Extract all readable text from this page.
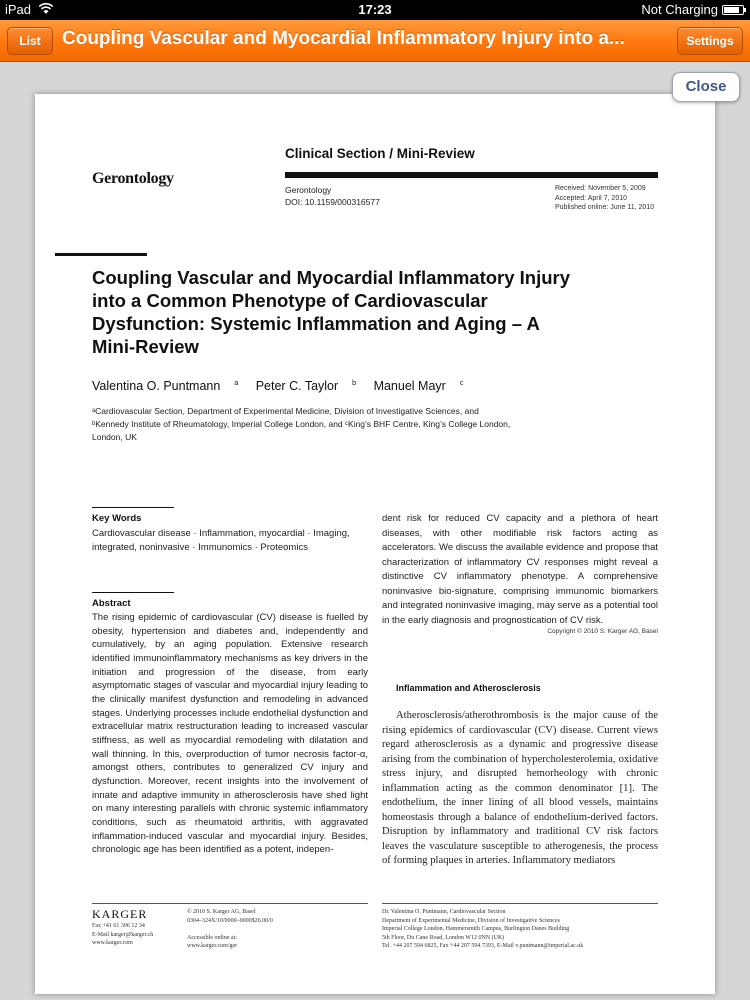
iPad	17:23	Not Charging
List	Coupling Vascular and Myocardial Inflammatory Injury into a...	Settings
Gerontology
Clinical Section / Mini-Review
Gerontology
DOI: 10.1159/000316577
Received: November 5, 2009
Accepted: April 7, 2010
Published online: June 11, 2010
Coupling Vascular and Myocardial Inflammatory Injury into a Common Phenotype of Cardiovascular Dysfunction: Systemic Inflammation and Aging – A Mini-Review
Valentina O. Puntmann $^a$ Peter C. Taylor $^b$ Manuel Mayr $^c$
ᵃCardiovascular Section, Department of Experimental Medicine, Division of Investigative Sciences, and
ᵇKennedy Institute of Rheumatology, Imperial College London, and ᶜKing’s BHF Centre, King’s College London,
London, UK
Key Words
Cardiovascular disease · Inflammation, myocardial · Imaging, integrated, noninvasive · Immunomics · Proteomics
Abstract
The rising epidemic of cardiovascular (CV) disease is fuelled by obesity, hypertension and diabetes and, independently and cumulatively, by an aging population. Extensive research identified immunoinflammatory mechanisms as key drivers in the initiation and progression of the disease, from early asymptomatic stages of vascular and myocardial injury leading to the clinically manifest dysfunction and remodeling in advanced stages. Underlying processes include endothelial dysfunction and extracellular matrix restructuration leading to increased vascular stiffness, as well as myocardial remodeling with dilatation and wall thinning. In this, overproduction of tumor necrosis factor-α, amongst others, contributes to generalized CV injury and dysfunction. Moreover, recent insights into the involvement of innate and adaptive immunity in atherosclerosis have shed light on many interesting parallels with chronic systemic inflammatory conditions, such as rheumatoid arthritis, with aggravated inflammation-induced vascular and myocardial injury. Besides, chronologic age has been identified as a potent, indepen-
dent risk for reduced CV capacity and a plethora of heart diseases, with other modifiable risk factors acting as accelerators. We discuss the available evidence and propose that characterization of inflammatory CV responses might reveal a distinctive CV inflammatory phenotype. A comprehensive noninvasive bio-signature, comprising immunomic biomarkers and integrated noninvasive imaging, may serve as a potential tool in the early diagnosis and prognostication of CV risk.
Copyright © 2010 S. Karger AG, Basel
Inflammation and Atherosclerosis
Atherosclerosis/atherothrombosis is the major cause of the rising epidemics of cardiovascular (CV) disease. Current views regard atherosclerosis as a dynamic and progressive disease arising from the combination of hypercholesterolemia, oxidative stress injury, and disrupted hemorheology with chronic inflammation acting as the common denominator [1]. The endothelium, the inner lining of all blood vessels, maintains homeostasis through a balance of endothelium-derived factors. Disruption by inflammatory and traditional CV risk factors leaves the vasculature susceptible to atherogenesis, the process of forming plaques in arteries. Inflammatory mediators
KARGER
Fax +41 61 306 12 34
E-Mail karger@karger.ch
www.karger.com
© 2010 S. Karger AG, Basel
0304–324X/10/0000–0000$26.00/0

Accessible online at:
www.karger.com/ger
Dr. Valentina O. Puntmann, Cardiovascular Section
Department of Experimental Medicine, Division of Investigative Sciences
Imperial College London, Hammersmith Campus, Burlington Danes Building
5th Floor, Du Cane Road, London W12 0NN (UK)
Tel. +44 207 594 6825, Fax +44 207 594 7393, E-Mail v.puntmann@imperial.ac.uk
Close
